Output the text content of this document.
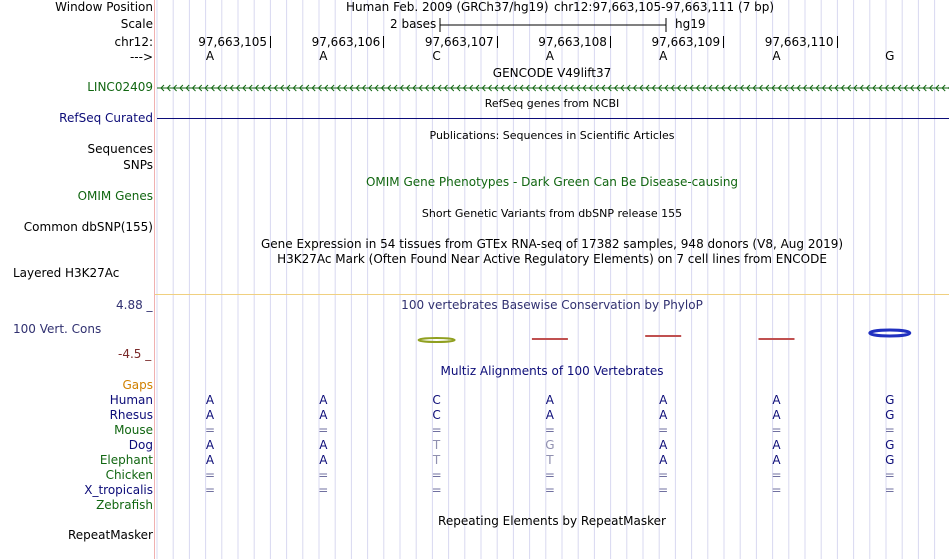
Window Position	Human Feb. 2009 (GRCh37/hg19) chr12:97,663,105-97,663,111 (7 bp)
Scale	2 bases	hg19
chr12:	97,663,105	97,663,106	97,663,107	97,663,108	97,663,109	97,663,110
--->	A	A	C	A	A	A	G
GENCODE V49lift37
LINC02409
RefSeq genes from NCBI
RefSeq Curated
Publications: Sequences in Scientific Articles
Sequences
SNPs
OMIM Gene Phenotypes - Dark Green Can Be Disease-causing
OMIM Genes
Short Genetic Variants from dbSNP release 155
Common dbSNP(155)
Gene Expression in 54 tissues from GTEx RNA-seq of 17382 samples, 948 donors (V8, Aug 2019)
H3K27Ac Mark (Often Found Near Active Regulatory Elements) on 7 cell lines from ENCODE
Layered H3K27Ac
100 vertebrates Basewise Conservation by PhyloP
4.88 _
100 Vert. Cons
-4.5 _
Multiz Alignments of 100 Vertebrates
Gaps
Human	A	A	C	A	A	A	G
Rhesus	A	A	C	A	A	A	G
Mouse	=	=	=	=	=	=	=
Dog	A	A	T	G	A	A	G
Elephant	A	A	T	T	A	A	G
Chicken	=	=	=	=	=	=	=
X_tropicalis	=	=	=	=	=	=	=
Zebrafish
Repeating Elements by RepeatMasker
RepeatMasker
